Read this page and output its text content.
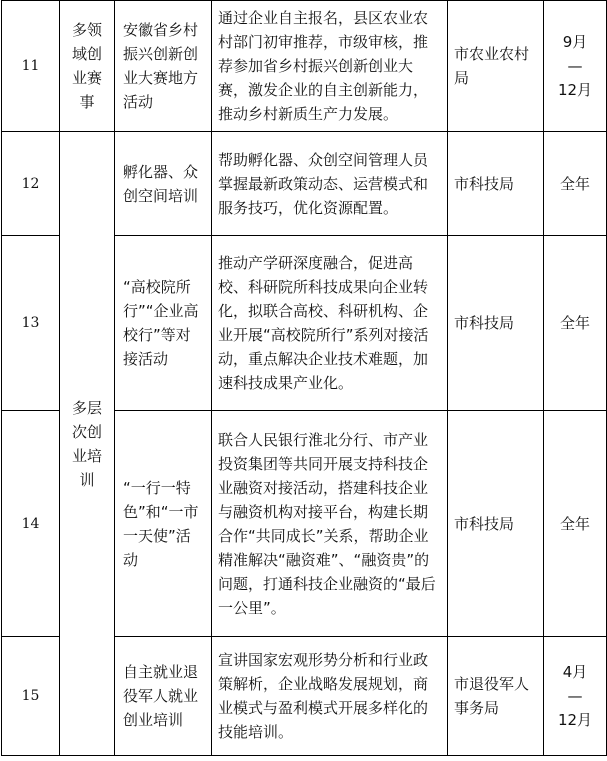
11	多领域创业赛事	安徽省乡村振兴创新创业大赛地方活动	通过企业自主报名，县区农业农村部门初审推荐，市级审核，推荐参加省乡村振兴创新创业大赛，激发企业的自主创新能力，推动乡村新质生产力发展。	市农业农村局	9月
—
12月

12	多层次创业培训	孵化器、众创空间培训	帮助孵化器、众创空间管理人员掌握最新政策动态、运营模式和服务技巧，优化资源配置。	市科技局	全年
13		“高校院所行”“企业高校行”等对接活动	推动产学研深度融合，促进高校、科研院所科技成果向企业转化，拟联合高校、科研机构、企业开展“高校院所行”系列对接活动，重点解决企业技术难题，加速科技成果产业化。	市科技局	全年
14		“一行一特色”和“一市一天使”活动	联合人民银行淮北分行、市产业投资集团等共同开展支持科技企业融资对接活动，搭建科技企业与融资机构对接平台，构建长期合作“共同成长”关系，帮助企业精准解决“融资难”、“融资贵”的问题，打通科技企业融资的“最后一公里”。	市科技局	全年
15		自主就业退役军人就业创业培训	宣讲国家宏观形势分析和行业政策解析，企业战略发展规划，商业模式与盈利模式开展多样化的技能培训。	市退役军人事务局	4月
—
12月
